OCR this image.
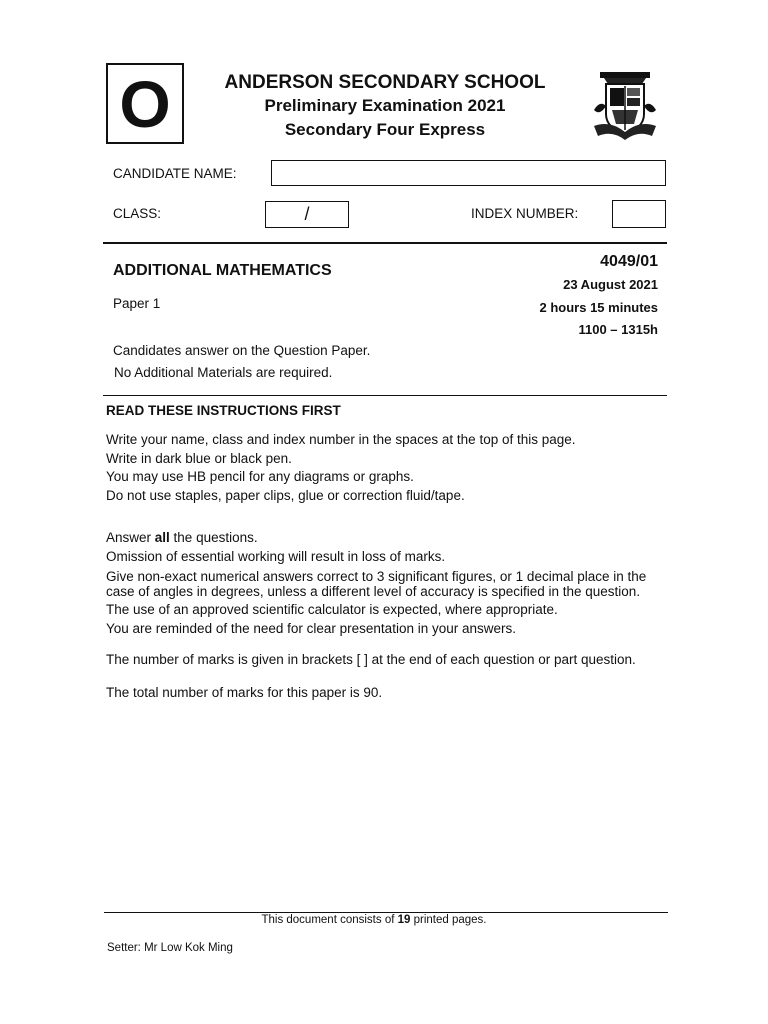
O	ANDERSON SECONDARY SCHOOL
Preliminary Examination 2021
Secondary Four Express
CANDIDATE NAME:
CLASS:	/	INDEX NUMBER:
ADDITIONAL MATHEMATICS
4049/01
23 August 2021
2 hours 15 minutes
1100 – 1315h
Paper 1
Candidates answer on the Question Paper.
No Additional Materials are required.
READ THESE INSTRUCTIONS FIRST

Write your name, class and index number in the spaces at the top of this page.

Write in dark blue or black pen.

You may use HB pencil for any diagrams or graphs.

Do not use staples, paper clips, glue or correction fluid/tape.

Answer all the questions.

Omission of essential working will result in loss of marks.

Give non-exact numerical answers correct to 3 significant figures, or 1 decimal place in the

case of angles in degrees, unless a different level of accuracy is specified in the question.

The use of an approved scientific calculator is expected, where appropriate.

You are reminded of the need for clear presentation in your answers.

The number of marks is given in brackets [ ] at the end of each question or part question.
The total number of marks for this paper is 90.
This document consists of 19 printed pages.
Setter: Mr Low Kok Ming
